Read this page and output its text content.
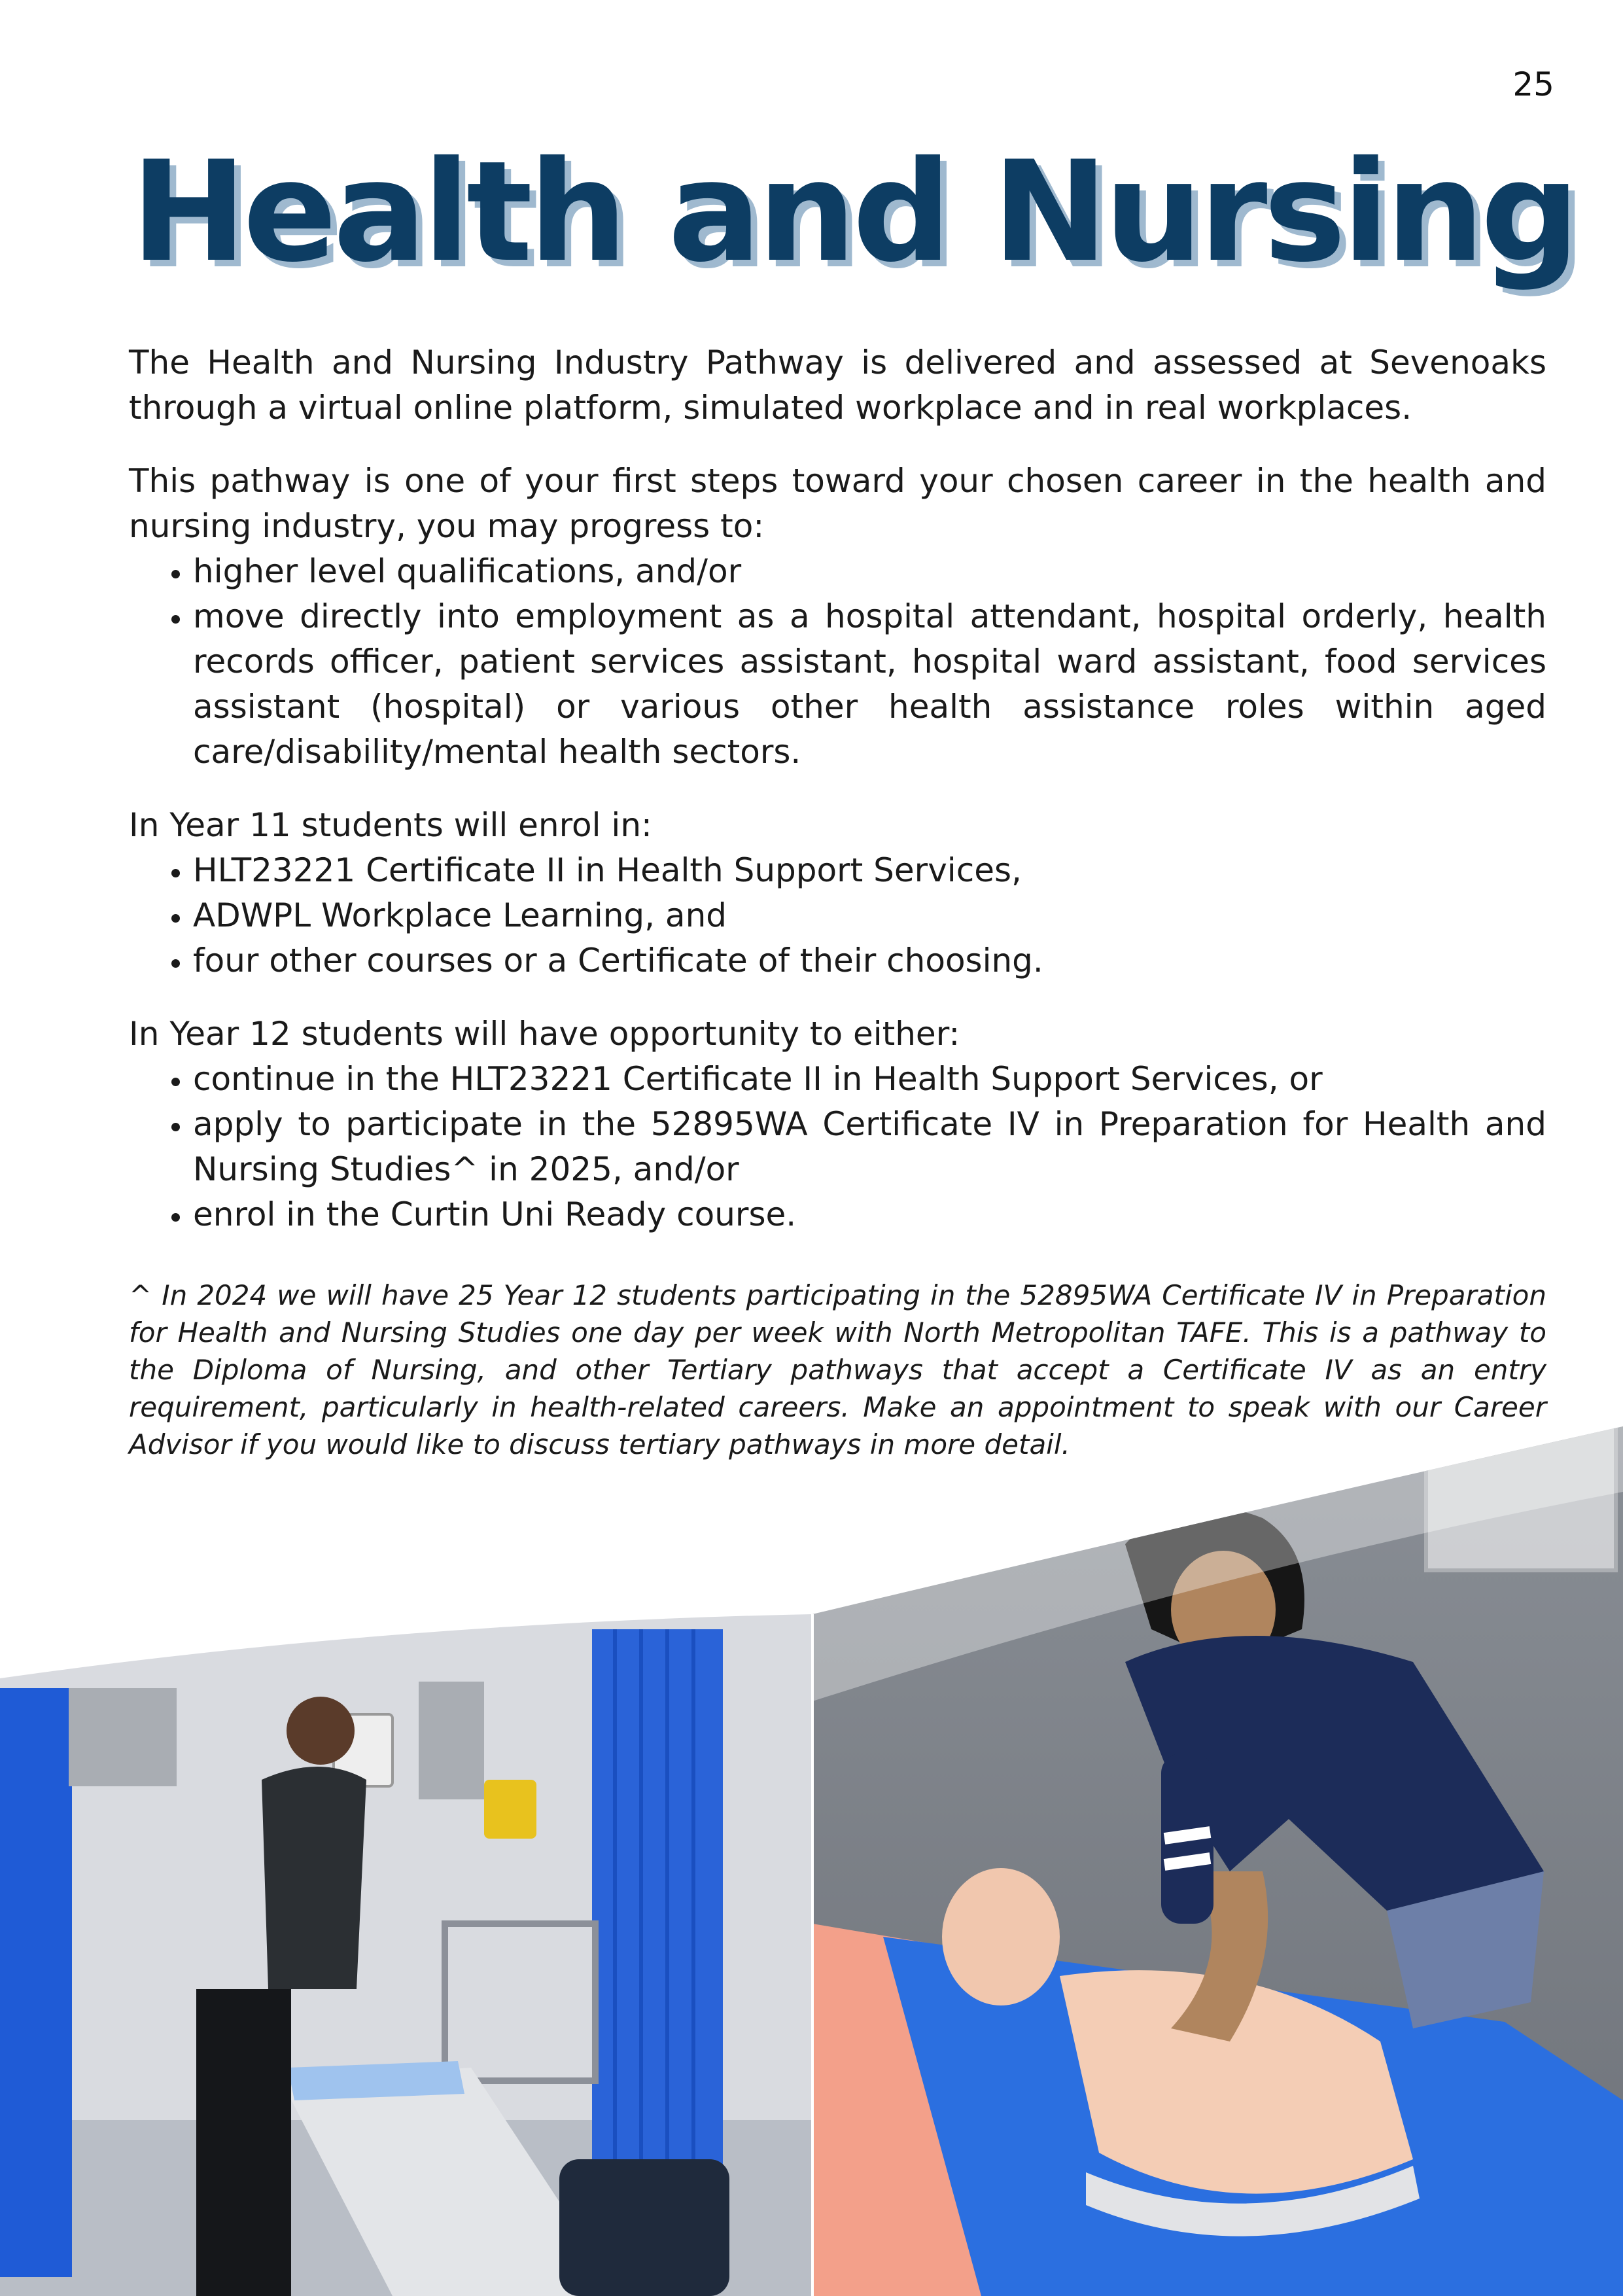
25
Health and Nursing

The Health and Nursing Industry Pathway is delivered and assessed at Sevenoaks through a virtual online platform, simulated workplace and in real workplaces.

This pathway is one of your first steps toward your chosen career in the health and nursing industry, you may progress to:

• higher level qualifications, and/or
• move directly into employment as a hospital attendant, hospital orderly, health records officer, patient services assistant, hospital ward assistant, food services assistant (hospital) or various other health assistance roles within aged care/disability/mental health sectors.

In Year 11 students will enrol in:

• HLT23221 Certificate II in Health Support Services,
• ADWPL Workplace Learning, and
• four other courses or a Certificate of their choosing.

In Year 12 students will have opportunity to either:

• continue in the HLT23221 Certificate II in Health Support Services, or
• apply to participate in the 52895WA Certificate IV in Preparation for Health and Nursing Studies^ in 2025, and/or
• enrol in the Curtin Uni Ready course.

^ In 2024 we will have 25 Year 12 students participating in the 52895WA Certificate IV in Preparation for Health and Nursing Studies one day per week with North Metropolitan TAFE. This is a pathway to the Diploma of Nursing, and other Tertiary pathways that accept a Certificate IV as an entry requirement, particularly in health-related careers. Make an appointment to speak with our Career Advisor if you would like to discuss tertiary pathways in more detail.
